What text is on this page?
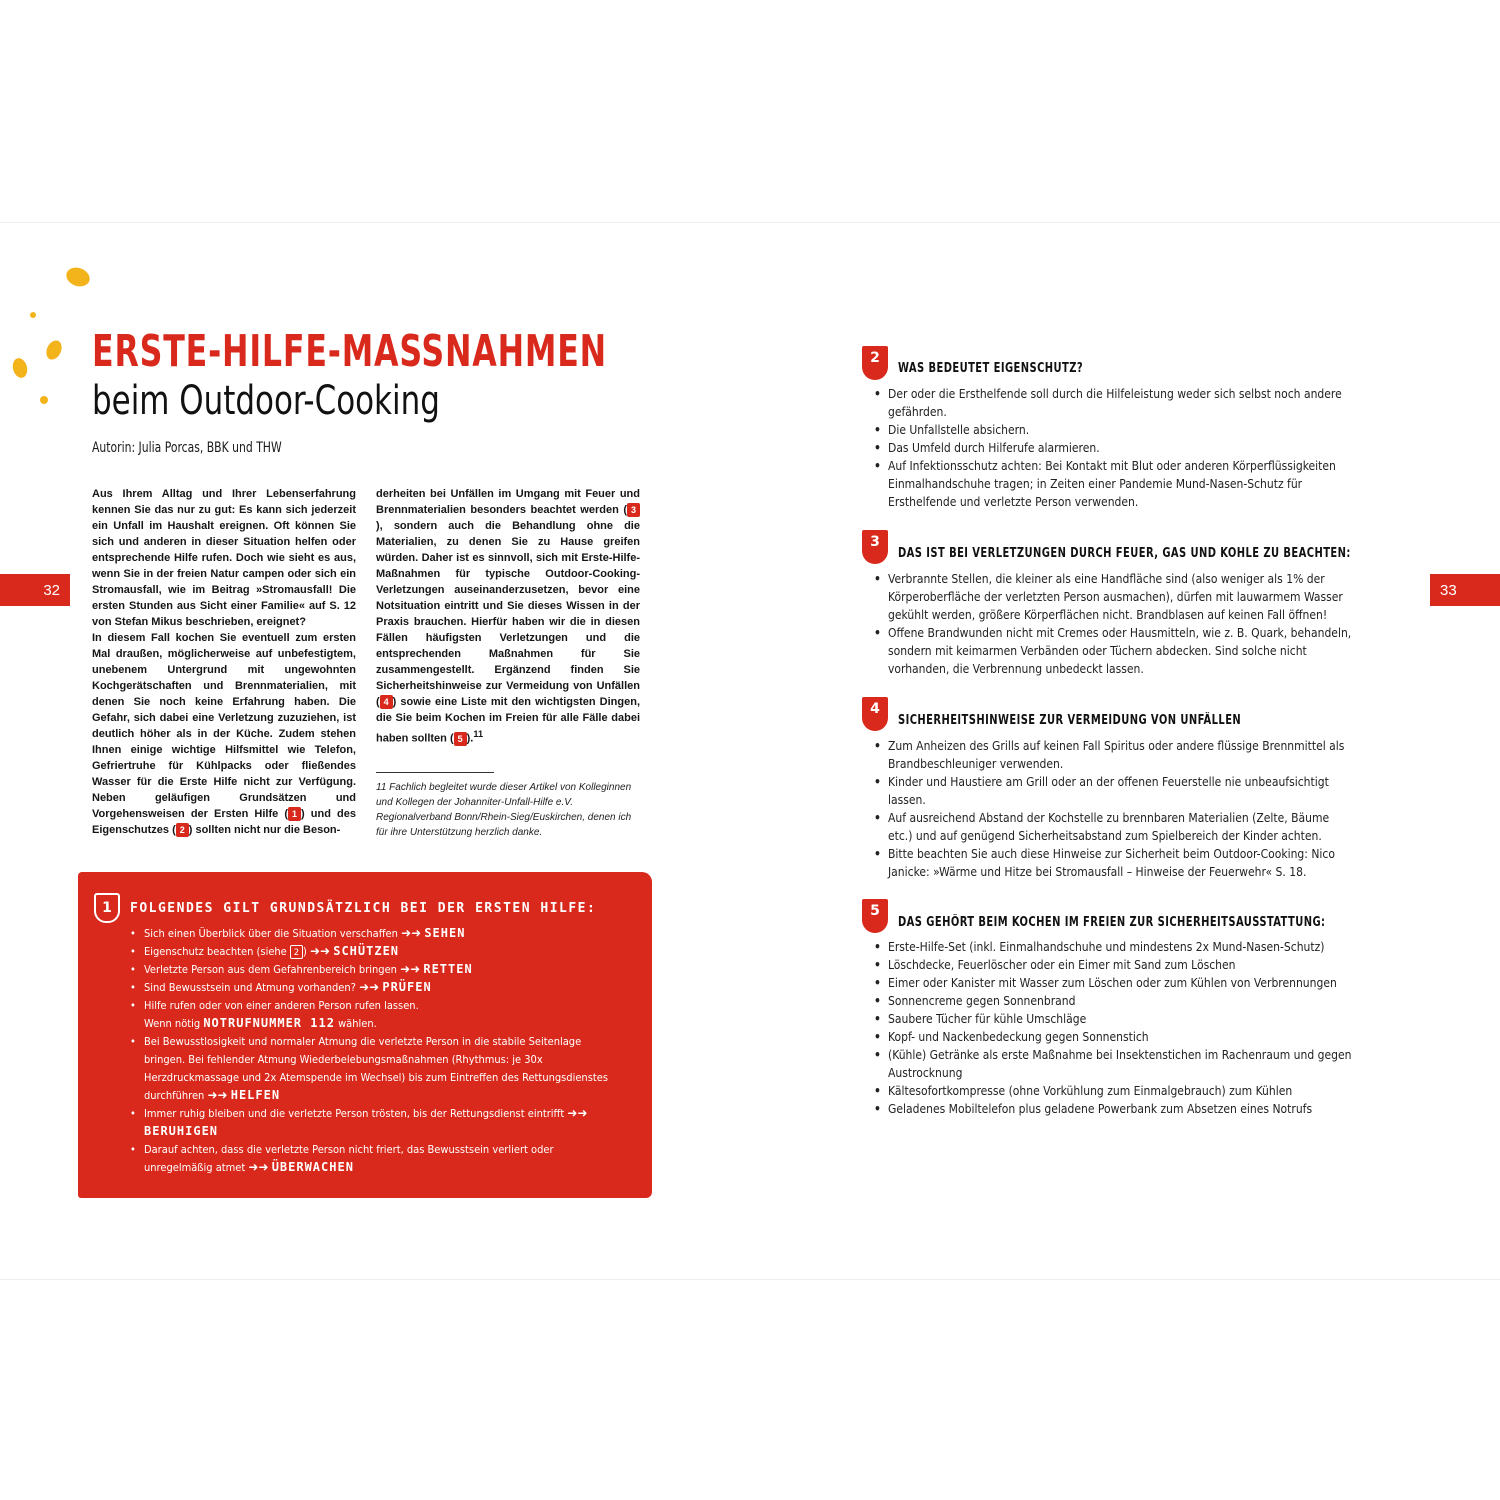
32	33
ERSTE-HILFE-MASSNAHMEN
beim Outdoor-Cooking
Autorin: Julia Porcas, BBK und THW

Aus Ihrem Alltag und Ihrer Lebenserfahrung kennen Sie das nur zu gut: Es kann sich jederzeit ein Unfall im Haushalt ereignen. Oft können Sie sich und anderen in dieser Situation helfen oder entsprechende Hilfe rufen. Doch wie sieht es aus, wenn Sie in der freien Natur campen oder sich ein Stromausfall, wie im Beitrag »Stromausfall! Die ersten Stunden aus Sicht einer Familie« auf S. 12 von Stefan Mikus beschrieben, ereignet?

In diesem Fall kochen Sie eventuell zum ersten Mal draußen, möglicherweise auf unbefestigtem, unebenem Untergrund mit ungewohnten Kochgerätschaften und Brennmaterialien, mit denen Sie noch keine Erfahrung haben. Die Gefahr, sich dabei eine Verletzung zuzuziehen, ist deutlich höher als in der Küche. Zudem stehen Ihnen einige wichtige Hilfsmittel wie Telefon, Gefriertruhe für Kühlpacks oder fließendes Wasser für die Erste Hilfe nicht zur Verfügung. Neben geläufigen Grundsätzen und Vorgehensweisen der Ersten Hilfe ( 1 ) und des Eigenschutzes ( 2 ) sollten nicht nur die Beson-

derheiten bei Unfällen im Umgang mit Feuer und Brennmaterialien besonders beachtet werden ( 3), sondern auch die Behandlung ohne die Materialien, zu denen Sie zu Hause greifen würden. Daher ist es sinnvoll, sich mit Erste-Hilfe-Maßnahmen für typische Outdoor-Cooking-Verletzungen auseinanderzusetzen, bevor eine Notsituation eintritt und Sie dieses Wissen in der Praxis brauchen. Hierfür haben wir die in diesen Fällen häufigsten Verletzungen und die entsprechenden Maßnahmen für Sie zusammengestellt. Ergänzend finden Sie Sicherheitshinweise zur Vermeidung von Unfällen ( 4 ) sowie eine Liste mit den wichtigsten Dingen, die Sie beim Kochen im Freien für alle Fälle dabei haben sollten ( 5 ).$^{11}$

11 Fachlich begleitet wurde dieser Artikel von Kolleginnen und Kollegen der Johanniter-Unfall-Hilfe e.V. Regionalverband Bonn/Rhein-Sieg/Euskirchen, denen ich für ihre Unterstützung herzlich danke.
1	FOLGENDES GILT GRUNDSÄTZLICH BEI DER ERSTEN HILFE:
• Sich einen Überblick über die Situation verschaffen ➜➜ SEHEN
• Eigenschutz beachten (siehe 2 ) ➜➜ SCHÜTZEN
• Verletzte Person aus dem Gefahrenbereich bringen ➜➜ RETTEN
• Sind Bewusstsein und Atmung vorhanden? ➜➜ PRÜFEN
• Hilfe rufen oder von einer anderen Person rufen lassen.
Wenn nötig NOTRUFNUMMER 112 wählen.
• Bei Bewusstlosigkeit und normaler Atmung die verletzte Person in die stabile Seitenlage bringen. Bei fehlender Atmung Wiederbelebungsmaßnahmen (Rhythmus: je 30x Herzdruckmassage und 2x Atemspende im Wechsel) bis zum Eintreffen des Rettungsdienstes durchführen ➜➜ HELFEN
• Immer ruhig bleiben und die verletzte Person trösten, bis der Rettungsdienst eintrifft ➜➜ BERUHIGEN
• Darauf achten, dass die verletzte Person nicht friert, das Bewusstsein verliert oder unregelmäßig atmet ➜➜ ÜBERWACHEN
2
WAS BEDEUTET EIGENSCHUTZ?
• Der oder die Ersthelfende soll durch die Hilfeleistung weder sich selbst noch andere gefährden.
• Die Unfallstelle absichern.
• Das Umfeld durch Hilferufe alarmieren.
• Auf Infektionsschutz achten: Bei Kontakt mit Blut oder anderen Körperflüssigkeiten Einmalhandschuhe tragen; in Zeiten einer Pandemie Mund-Nasen-Schutz für Ersthelfende und verletzte Person verwenden.
3
DAS IST BEI VERLETZUNGEN DURCH FEUER, GAS UND KOHLE ZU BEACHTEN:
• Verbrannte Stellen, die kleiner als eine Handfläche sind (also weniger als 1% der Körperoberfläche der verletzten Person ausmachen), dürfen mit lauwarmem Wasser gekühlt werden, größere Körperflächen nicht. Brandblasen auf keinen Fall öffnen!
• Offene Brandwunden nicht mit Cremes oder Hausmitteln, wie z. B. Quark, behandeln, sondern mit keimarmen Verbänden oder Tüchern abdecken. Sind solche nicht vorhanden, die Verbrennung unbedeckt lassen.
4
SICHERHEITSHINWEISE ZUR VERMEIDUNG VON UNFÄLLEN
• Zum Anheizen des Grills auf keinen Fall Spiritus oder andere flüssige Brennmittel als Brandbeschleuniger verwenden.
• Kinder und Haustiere am Grill oder an der offenen Feuerstelle nie unbeaufsichtigt lassen.
• Auf ausreichend Abstand der Kochstelle zu brennbaren Materialien (Zelte, Bäume etc.) und auf genügend Sicherheitsabstand zum Spielbereich der Kinder achten.
• Bitte beachten Sie auch diese Hinweise zur Sicherheit beim Outdoor-Cooking: Nico Janicke: »Wärme und Hitze bei Stromausfall – Hinweise der Feuerwehr« S. 18.
5
DAS GEHÖRT BEIM KOCHEN IM FREIEN ZUR SICHERHEITSAUSSTATTUNG:
• Erste-Hilfe-Set (inkl. Einmalhandschuhe und mindestens 2x Mund-Nasen-Schutz)
• Löschdecke, Feuerlöscher oder ein Eimer mit Sand zum Löschen
• Eimer oder Kanister mit Wasser zum Löschen oder zum Kühlen von Verbrennungen
• Sonnencreme gegen Sonnenbrand
• Saubere Tücher für kühle Umschläge
• Kopf- und Nackenbedeckung gegen Sonnenstich
• (Kühle) Getränke als erste Maßnahme bei Insektenstichen im Rachenraum und gegen Austrocknung
• Kältesofortkompresse (ohne Vorkühlung zum Einmalgebrauch) zum Kühlen
• Geladenes Mobiltelefon plus geladene Powerbank zum Absetzen eines Notrufs
